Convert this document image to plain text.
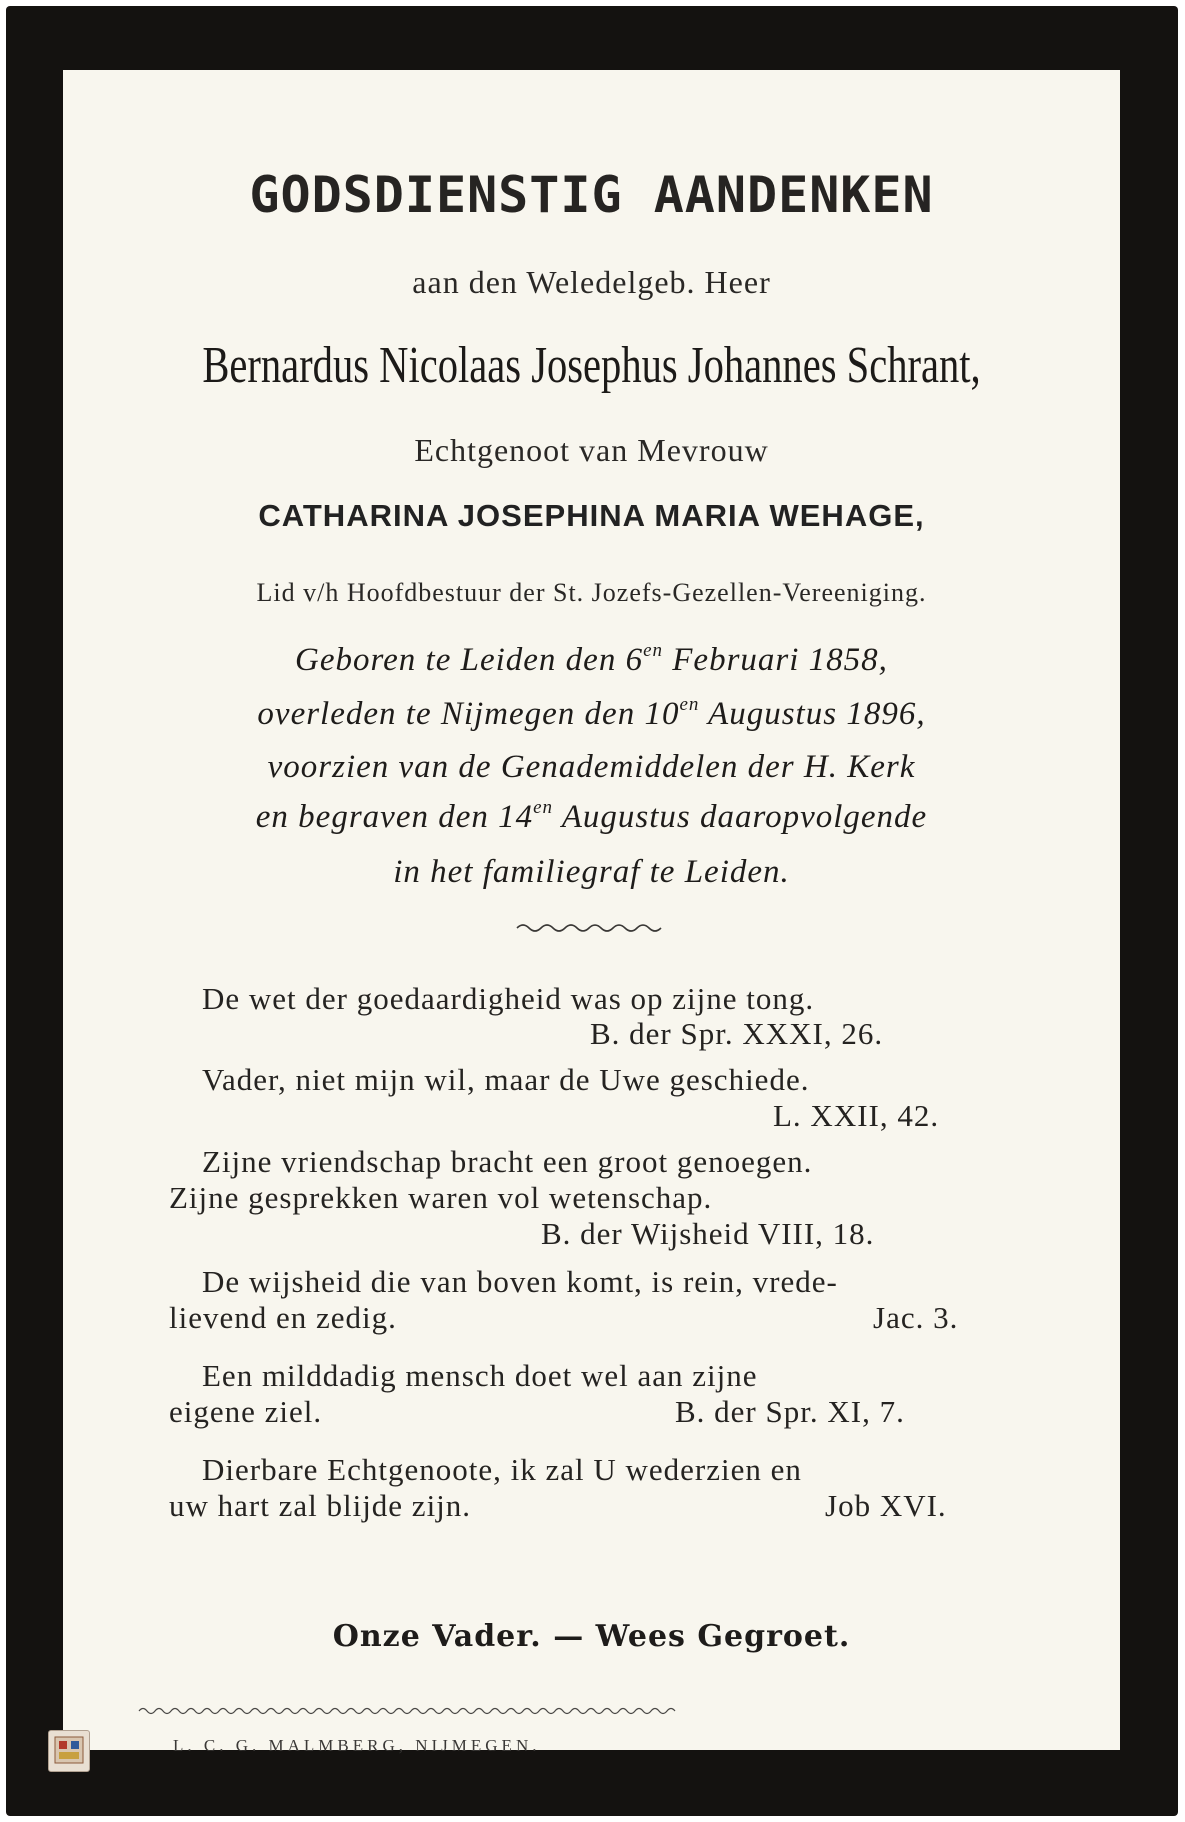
GODSDIENSTIG AANDENKEN
aan den Weledelgeb. Heer
Bernardus Nicolaas Josephus Johannes Schrant,
Echtgenoot van Mevrouw
CATHARINA JOSEPHINA MARIA WEHAGE,
Lid v/h Hoofdbestuur der St. Jozefs-Gezellen-Vereeniging.
Geboren te Leiden den $6^{en}$ Februari 1858,
overleden te Nijmegen den $10^{en}$ Augustus 1896,
voorzien van de Genademiddelen der H. Kerk
en begraven den $14^{en}$ Augustus daaropvolgende
in het familiegraf te Leiden.
De wet der goedaardigheid was op zijne tong.
B. der Spr. XXXI, 26.
Vader, niet mijn wil, maar de Uwe geschiede.
L. XXII, 42.
Zijne vriendschap bracht een groot genoegen.
Zijne gesprekken waren vol wetenschap.
B. der Wijsheid VIII, 18.
De wijsheid die van boven komt, is rein, vrede-
lievend en zedig.	Jac. 3.
Een milddadig mensch doet wel aan zijne
eigene ziel.	B. der Spr. XI, 7.
Dierbare Echtgenoote, ik zal U wederzien en
uw hart zal blijde zijn.	Job XVI.
Onze Vader. — Wees Gegroet.
L. C. G. MALMBERG, NIJMEGEN.
